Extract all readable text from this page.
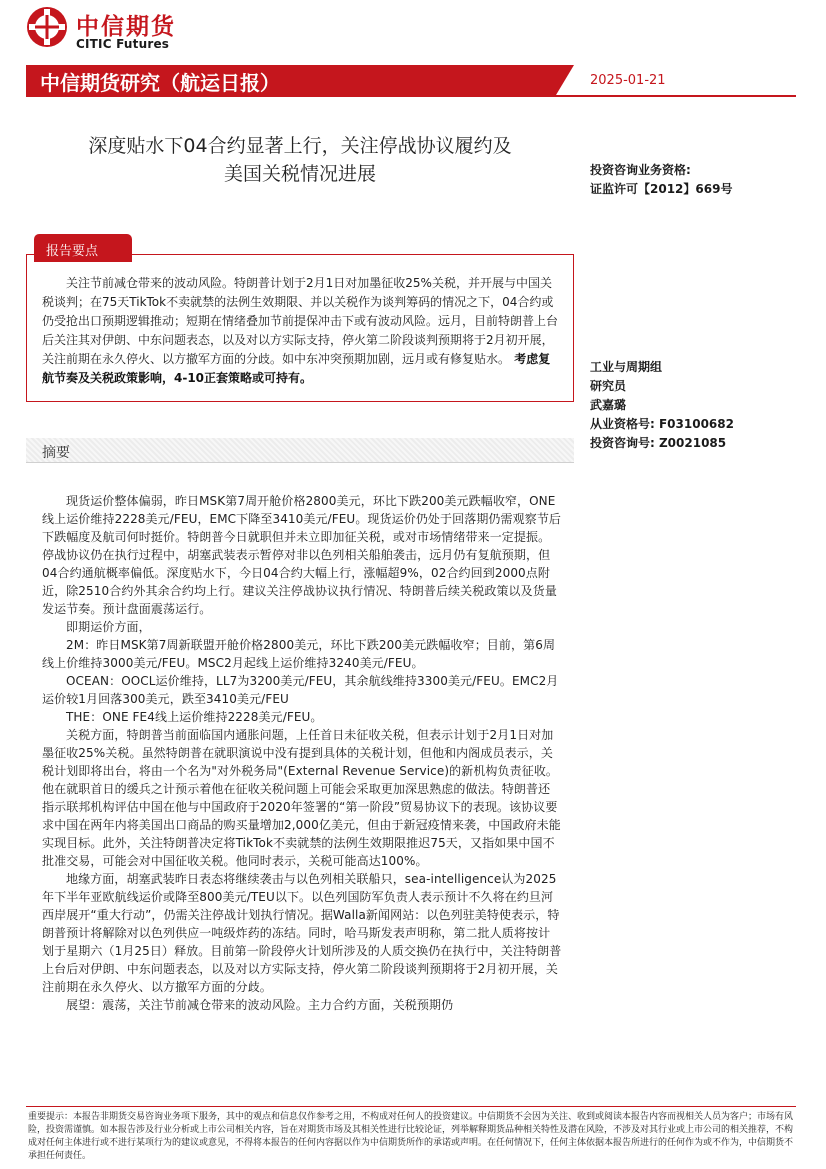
中信期货
CITIC Futures
中信期货研究（航运日报）	2025-01-21
深度贴水下04合约显著上行，关注停战协议履约及
美国关税情况进展	投资咨询业务资格:
证监许可【2012】669号
报告要点
关注节前减仓带来的波动风险。特朗普计划于2月1日对加墨征收25%关税，并开展与中国关税谈判；在75天TikTok不卖就禁的法例生效期限、并以关税作为谈判筹码的情况之下，04合约或仍受抢出口预期逻辑推动；短期在情绪叠加节前提保冲击下或有波动风险。远月，目前特朗普上台后关注其对伊朗、中东问题表态，以及对以方实际支持，停火第二阶段谈判预期将于2月初开展，关注前期在永久停火、以方撤军方面的分歧。如中东冲突预期加剧，远月或有修复贴水。 考虑复航节奏及关税政策影响，4-10正套策略或可持有。
工业与周期组
研究员
武嘉璐
从业资格号: F03100682
投资咨询号: Z0021085
摘要

现货运价整体偏弱，昨日MSK第7周开舱价格2800美元，环比下跌200美元跌幅收窄，ONE线上运价维持2228美元/FEU，EMC下降至3410美元/FEU。现货运价仍处于回落期仍需观察节后下跌幅度及航司何时挺价。特朗普今日就职但并未立即加征关税，或对市场情绪带来一定提振。停战协议仍在执行过程中，胡塞武装表示暂停对非以色列相关船舶袭击，远月仍有复航预期，但04合约通航概率偏低。深度贴水下，今日04合约大幅上行，涨幅超9%，02合约回到2000点附近，除2510合约外其余合约均上行。建议关注停战协议执行情况、特朗普后续关税政策以及货量发运节奏。预计盘面震荡运行。

即期运价方面，

2M：昨日MSK第7周新联盟开舱价格2800美元，环比下跌200美元跌幅收窄；目前，第6周线上价维持3000美元/FEU。MSC2月起线上运价维持3240美元/FEU。

OCEAN：OOCL运价维持，LL7为3200美元/FEU，其余航线维持3300美元/FEU。EMC2月运价较1月回落300美元，跌至3410美元/FEU

THE：ONE FE4线上运价维持2228美元/FEU。

关税方面，特朗普当前面临国内通胀问题，上任首日未征收关税，但表示计划于2月1日对加墨征收25%关税。虽然特朗普在就职演说中没有提到具体的关税计划，但他和内阁成员表示，关税计划即将出台，将由一个名为"对外税务局"(External Revenue Service)的新机构负责征收。他在就职首日的缓兵之计预示着他在征收关税问题上可能会采取更加深思熟虑的做法。特朗普还指示联邦机构评估中国在他与中国政府于2020年签署的“第一阶段”贸易协议下的表现。该协议要求中国在两年内将美国出口商品的购买量增加2,000亿美元，但由于新冠疫情来袭，中国政府未能实现目标。此外，关注特朗普决定将TikTok不卖就禁的法例生效期限推迟75天，又指如果中国不批准交易，可能会对中国征收关税。他同时表示，关税可能高达100%。

地缘方面，胡塞武装昨日表态将继续袭击与以色列相关联船只，sea-intelligence认为2025年下半年亚欧航线运价或降至800美元/TEU以下。以色列国防军负责人表示预计不久将在约旦河西岸展开“重大行动”，仍需关注停战计划执行情况。据Walla新闻网站：以色列驻美特使表示，特朗普预计将解除对以色列供应一吨级炸药的冻结。同时，哈马斯发表声明称，第二批人质将按计划于星期六（1月25日）释放。目前第一阶段停火计划所涉及的人质交换仍在执行中，关注特朗普上台后对伊朗、中东问题表态，以及对以方实际支持，停火第二阶段谈判预期将于2月初开展，关注前期在永久停火、以方撤军方面的分歧。

展望：震荡，关注节前减仓带来的波动风险。主力合约方面，关税预期仍

重要提示：本报告非期货交易咨询业务项下服务，其中的观点和信息仅作参考之用，不构成对任何人的投资建议。中信期货不会因为关注、收到或阅读本报告内容而视相关人员为客户；市场有风险，投资需谨慎。如本报告涉及行业分析或上市公司相关内容，旨在对期货市场及其相关性进行比较论证，列举解释期货品种相关特性及潜在风险，不涉及对其行业或上市公司的相关推荐，不构成对任何主体进行或不进行某项行为的建议或意见，不得将本报告的任何内容据以作为中信期货所作的承诺或声明。在任何情况下，任何主体依据本报告所进行的任何作为或不作为，中信期货不承担任何责任。
